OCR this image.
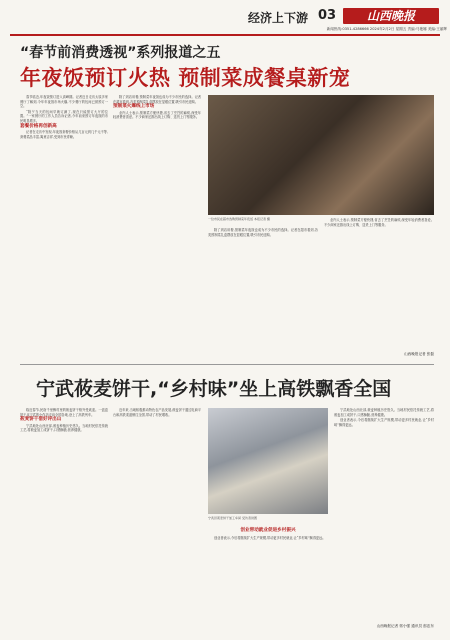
经济上下游 03	山西晚报
新闻热线:0351-4286666 2024年2月2日 星期五 责编:马艳娜 美编:王丽辉
“春节前消费透视”系列报道之五
年夜饭预订火热 预制菜成餐桌新宠

春节临近,年夜饭预订进入高峰期。记者近日走访太原多家餐厅了解到,今年年夜饭市场火爆,不少餐厅的包间已被预订一空。

“除夕当天的包间早就订满了,现在只能预订大厅的位置。”一家餐厅的工作人员告诉记者,今年前来预订年夜饭的市民明显增多。

套餐价格再创新高

记者在走访中发现,年夜饭套餐价格从几百元到几千元不等,套餐菜品丰富,寓意吉祥,受到市民青睐。

除了到店用餐,预制菜年夜饭也成为不少市民的选择。记者在超市看到,各类预制菜礼盒摆放在显眼位置,吸引市民选购。

预制菜火爆线上市场

业内人士表示,预制菜方便快捷,省去了烹饪的麻烦,深受年轻消费者喜爱。不少商家还推出线上订购、送货上门等服务。

一位市民在超市选购预制菜年夜饭 本报记者 摄

除了到店用餐,预制菜年夜饭也成为不少市民的选择。记者在超市看到,各类预制菜礼盒摆放在显眼位置,吸引市民选购。

业内人士表示,预制菜方便快捷,省去了烹饪的麻烦,深受年轻消费者喜爱。不少商家还推出线上订购、送货上门等服务。

山西晚报记者 张磊
宁武莜麦饼干,“乡村味”坐上高铁飘香全国

临近春节,民宿千里醉村里的莜麦饼干格外受欢迎。一盒盒饼干从宁武的小作坊走向全国各地,登上了高铁列车。

莜麦饼干借好评出山

宁武地处山西北部,莜麦种植历史悠久。当地村民依托传统工艺,将莜麦加工成饼干,口感酥脆,营养健康。

近年来,当地积极推动特色农产品发展,莜麦饼干通过电商平台和高铁渠道销往全国,带动了村民增收。

宁武县莜麦饼干加工车间 受访者供图
创业带动就业促进乡村振兴

创业者表示,今后将继续扩大生产规模,带动更多村民就业,让“乡村味”飘得更远。

宁武地处山西北部,莜麦种植历史悠久。当地村民依托传统工艺,将莜麦加工成饼干,口感酥脆,营养健康。

创业者表示,今后将继续扩大生产规模,带动更多村民就业,让“乡村味”飘得更远。

山西晚报记者 郭小强 通讯员 郎忠东
